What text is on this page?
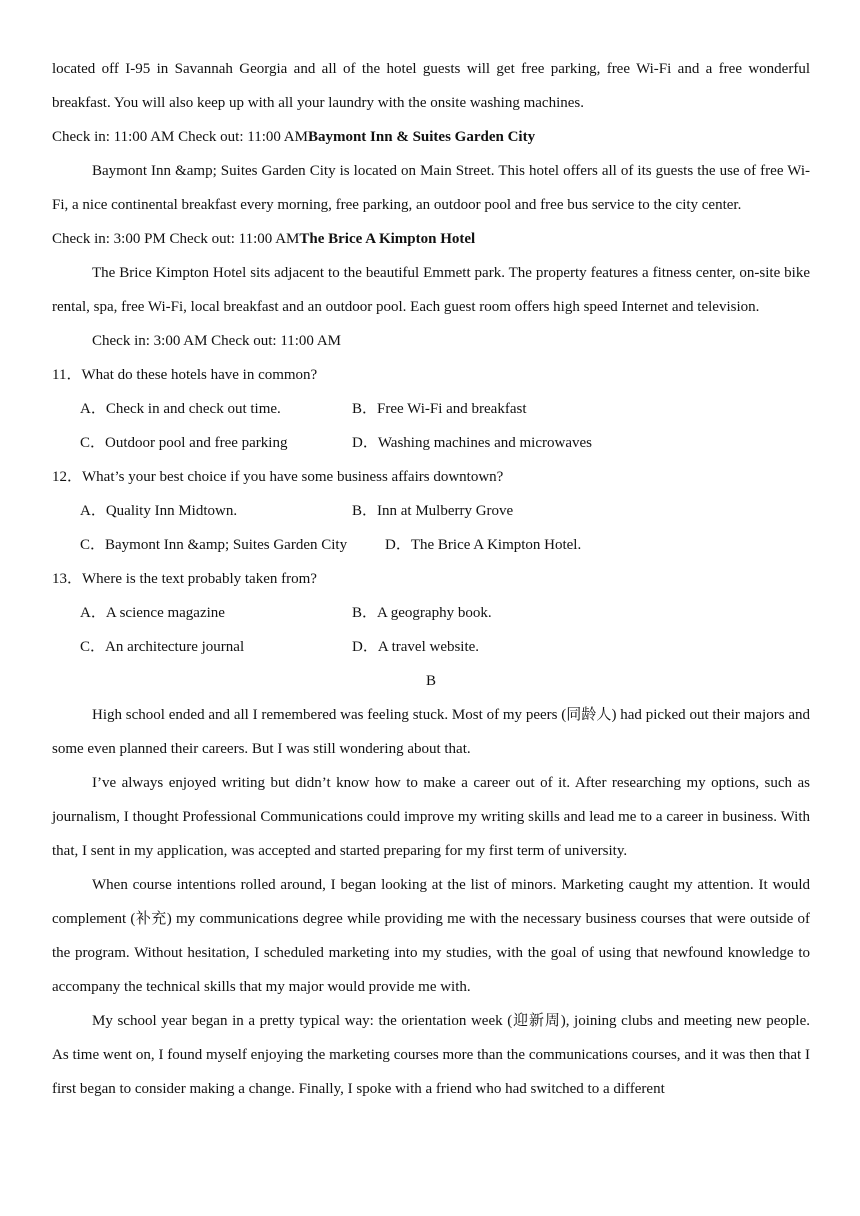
located off I-95 in Savannah Georgia and all of the hotel guests will get free parking, free Wi-Fi and a free wonderful breakfast. You will also keep up with all your laundry with the onsite washing machines.
Check in: 11:00 AM Check out: 11:00 AMBaymont Inn & Suites Garden City
Baymont Inn &amp; Suites Garden City is located on Main Street. This hotel offers all of its guests the use of free Wi-Fi, a nice continental breakfast every morning, free parking, an outdoor pool and free bus service to the city center.
Check in: 3:00 PM Check out: 11:00 AMThe Brice A Kimpton Hotel
The Brice Kimpton Hotel sits adjacent to the beautiful Emmett park. The property features a fitness center, on-site bike rental, spa, free Wi-Fi, local breakfast and an outdoor pool. Each guest room offers high speed Internet and television.
Check in: 3:00 AM Check out: 11:00 AM
11．What do these hotels have in common?
A．Check in and check out time.	B．Free Wi-Fi and breakfast
C．Outdoor pool and free parking	D．Washing machines and microwaves
12．What’s your best choice if you have some business affairs downtown?
A．Quality Inn Midtown.	B．Inn at Mulberry Grove
C．Baymont Inn &amp; Suites Garden City	D．The Brice A Kimpton Hotel.
13．Where is the text probably taken from?
A．A science magazine	B．A geography book.
C．An architecture journal	D．A travel website.
B
High school ended and all I remembered was feeling stuck. Most of my peers (同龄人) had picked out their majors and some even planned their careers. But I was still wondering about that.
I’ve always enjoyed writing but didn’t know how to make a career out of it. After researching my options, such as journalism, I thought Professional Communications could improve my writing skills and lead me to a career in business. With that, I sent in my application, was accepted and started preparing for my first term of university.
When course intentions rolled around, I began looking at the list of minors. Marketing caught my attention. It would complement (补充) my communications degree while providing me with the necessary business courses that were outside of the program. Without hesitation, I scheduled marketing into my studies, with the goal of using that newfound knowledge to accompany the technical skills that my major would provide me with.
My school year began in a pretty typical way: the orientation week (迎新周), joining clubs and meeting new people. As time went on, I found myself enjoying the marketing courses more than the communications courses, and it was then that I first began to consider making a change. Finally, I spoke with a friend who had switched to a different
